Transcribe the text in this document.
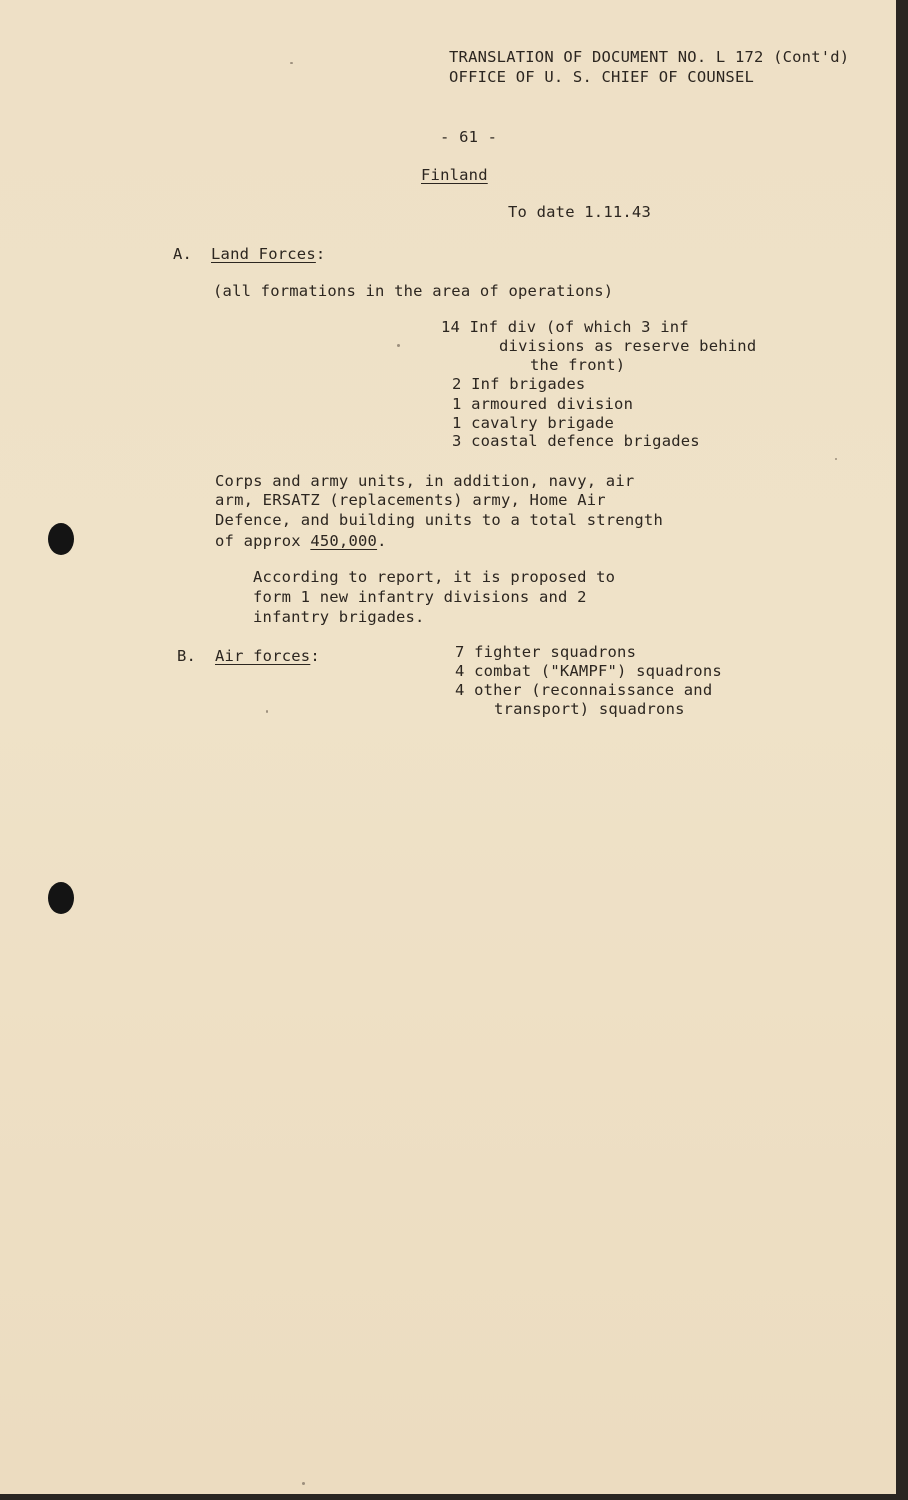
TRANSLATION OF DOCUMENT NO. L 172 (Cont'd)
OFFICE OF U. S. CHIEF OF COUNSEL
- 61 -
Finland
To date 1.11.43
A. Land Forces:
(all formations in the area of operations)
14 Inf div (of which 3 inf
divisions as reserve behind
the front)
2 Inf brigades
1 armoured division
1 cavalry brigade
3 coastal defence brigades
Corps and army units, in addition, navy, air
arm, ERSATZ (replacements) army, Home Air
Defence, and building units to a total strength
of approx 450,000.
According to report, it is proposed to
form 1 new infantry divisions and 2
infantry brigades.
B. Air forces:	7 fighter squadrons
4 combat ("KAMPF") squadrons
4 other (reconnaissance and
transport) squadrons
